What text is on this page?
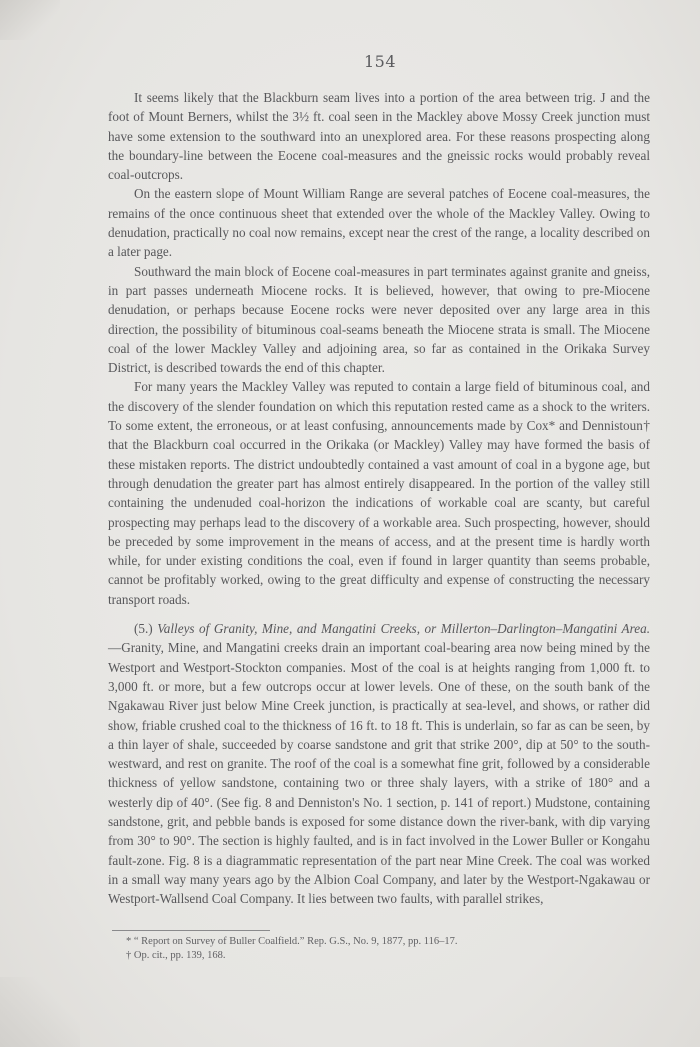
154

It seems likely that the Blackburn seam lives into a portion of the area between trig. J and the foot of Mount Berners, whilst the 3½ ft. coal seen in the Mackley above Mossy Creek junction must have some extension to the southward into an unexplored area. For these reasons prospecting along the boundary-line between the Eocene coal-measures and the gneissic rocks would probably reveal coal-outcrops.

On the eastern slope of Mount William Range are several patches of Eocene coal-measures, the remains of the once continuous sheet that extended over the whole of the Mackley Valley. Owing to denudation, practically no coal now remains, except near the crest of the range, a locality described on a later page.

Southward the main block of Eocene coal-measures in part terminates against granite and gneiss, in part passes underneath Miocene rocks. It is believed, however, that owing to pre-Miocene denudation, or perhaps because Eocene rocks were never deposited over any large area in this direction, the possibility of bituminous coal-seams beneath the Miocene strata is small. The Miocene coal of the lower Mackley Valley and adjoining area, so far as contained in the Orikaka Survey District, is described towards the end of this chapter.

For many years the Mackley Valley was reputed to contain a large field of bituminous coal, and the discovery of the slender foundation on which this reputation rested came as a shock to the writers. To some extent, the erroneous, or at least confusing, announcements made by Cox* and Dennistoun† that the Blackburn coal occurred in the Orikaka (or Mackley) Valley may have formed the basis of these mistaken reports. The district undoubtedly contained a vast amount of coal in a bygone age, but through denudation the greater part has almost entirely disappeared. In the portion of the valley still containing the undenuded coal-horizon the indications of workable coal are scanty, but careful prospecting may perhaps lead to the discovery of a workable area. Such prospecting, however, should be preceded by some improvement in the means of access, and at the present time is hardly worth while, for under existing conditions the coal, even if found in larger quantity than seems probable, cannot be profitably worked, owing to the great difficulty and expense of constructing the necessary transport roads.

(5.) Valleys of Granity, Mine, and Mangatini Creeks, or Millerton–Darlington–Mangatini Area.—Granity, Mine, and Mangatini creeks drain an important coal-bearing area now being mined by the Westport and Westport-Stockton companies. Most of the coal is at heights ranging from 1,000 ft. to 3,000 ft. or more, but a few outcrops occur at lower levels. One of these, on the south bank of the Ngakawau River just below Mine Creek junction, is practically at sea-level, and shows, or rather did show, friable crushed coal to the thickness of 16 ft. to 18 ft. This is underlain, so far as can be seen, by a thin layer of shale, succeeded by coarse sandstone and grit that strike 200°, dip at 50° to the south-westward, and rest on granite. The roof of the coal is a somewhat fine grit, followed by a considerable thickness of yellow sandstone, containing two or three shaly layers, with a strike of 180° and a westerly dip of 40°. (See fig. 8 and Denniston's No. 1 section, p. 141 of report.) Mudstone, containing sandstone, grit, and pebble bands is exposed for some distance down the river-bank, with dip varying from 30° to 90°. The section is highly faulted, and is in fact involved in the Lower Buller or Kongahu fault-zone. Fig. 8 is a diagrammatic representation of the part near Mine Creek. The coal was worked in a small way many years ago by the Albion Coal Company, and later by the Westport-Ngakawau or Westport-Wallsend Coal Company. It lies between two faults, with parallel strikes,

* “ Report on Survey of Buller Coalfield.” Rep. G.S., No. 9, 1877, pp. 116–17.
† Op. cit., pp. 139, 168.
